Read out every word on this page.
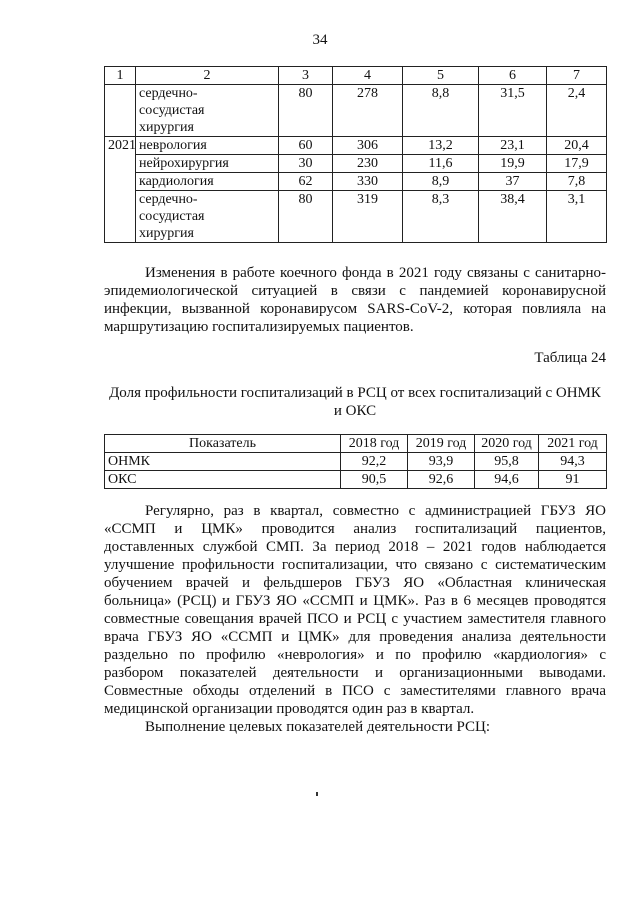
34
1	2	3	4	5	6	7
	сердечно-
сосудистая
хирургия	80	278	8,8	31,5	2,4
2021	неврология	60	306	13,2	23,1	20,4
	нейрохирургия	30	230	11,6	19,9	17,9
	кардиология	62	330	8,9	37	7,8
	сердечно-
сосудистая
хирургия	80	319	8,3	38,4	3,1

Изменения в работе коечного фонда в 2021 году связаны с санитарно-эпидемиологической ситуацией в связи с пандемией коронавирусной инфекции, вызванной коронавирусом SARS-CoV-2, которая повлияла на маршрутизацию госпитализируемых пациентов.

Таблица 24
Доля профильности госпитализаций в РСЦ от всех госпитализаций с ОНМК и ОКС
Показатель	2018 год	2019 год	2020 год	2021 год
ОНМК	92,2	93,9	95,8	94,3
ОКС	90,5	92,6	94,6	91

Регулярно, раз в квартал, совместно с администрацией ГБУЗ ЯО «ССМП и ЦМК» проводится анализ госпитализаций пациентов, доставленных службой СМП. За период 2018 – 2021 годов наблюдается улучшение профильности госпитализации, что связано с систематическим обучением врачей и фельдшеров ГБУЗ ЯО «Областная клиническая больница» (РСЦ) и ГБУЗ ЯО «ССМП и ЦМК». Раз в 6 месяцев проводятся совместные совещания врачей ПСО и РСЦ с участием заместителя главного врача ГБУЗ ЯО «ССМП и ЦМК» для проведения анализа деятельности раздельно по профилю «неврология» и по профилю «кардиология» с разбором показателей деятельности и организационными выводами. Совместные обходы отделений в ПСО с заместителями главного врача медицинской организации проводятся один раз в квартал.

Выполнение целевых показателей деятельности РСЦ:
